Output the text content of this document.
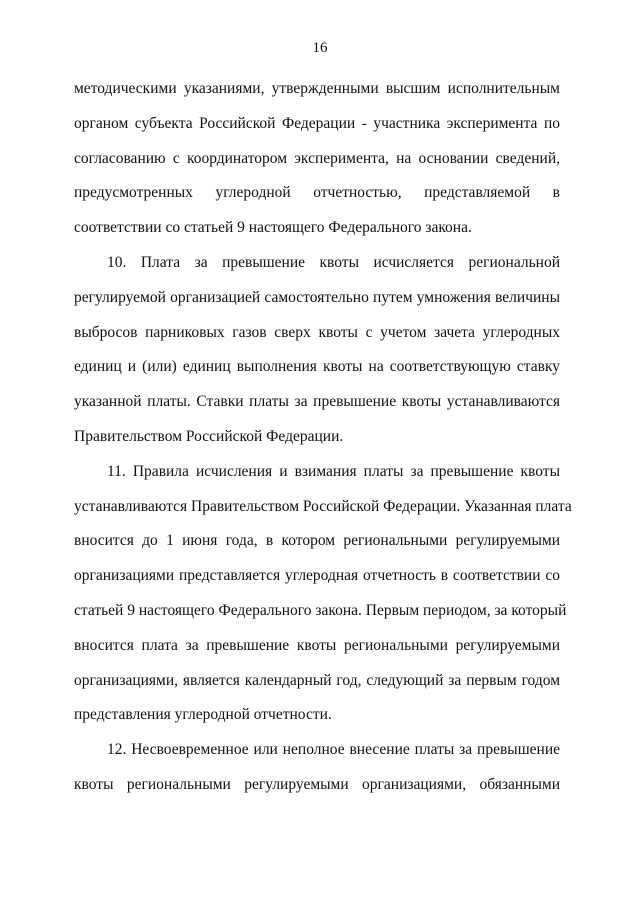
16
методическими указаниями, утвержденными высшим исполнительным
органом субъекта Российской Федерации - участника эксперимента по
согласованию с координатором эксперимента, на основании сведений,
предусмотренных углеродной отчетностью, представляемой в
соответствии со статьей 9 настоящего Федерального закона.
10. Плата за превышение квоты исчисляется региональной
регулируемой организацией самостоятельно путем умножения величины
выбросов парниковых газов сверх квоты с учетом зачета углеродных
единиц и (или) единиц выполнения квоты на соответствующую ставку
указанной платы. Ставки платы за превышение квоты устанавливаются
Правительством Российской Федерации.
11. Правила исчисления и взимания платы за превышение квоты
устанавливаются Правительством Российской Федерации. Указанная плата
вносится до 1 июня года, в котором региональными регулируемыми
организациями представляется углеродная отчетность в соответствии со
статьей 9 настоящего Федерального закона. Первым периодом, за который
вносится плата за превышение квоты региональными регулируемыми
организациями, является календарный год, следующий за первым годом
представления углеродной отчетности.
12. Несвоевременное или неполное внесение платы за превышение
квоты региональными регулируемыми организациями, обязанными
